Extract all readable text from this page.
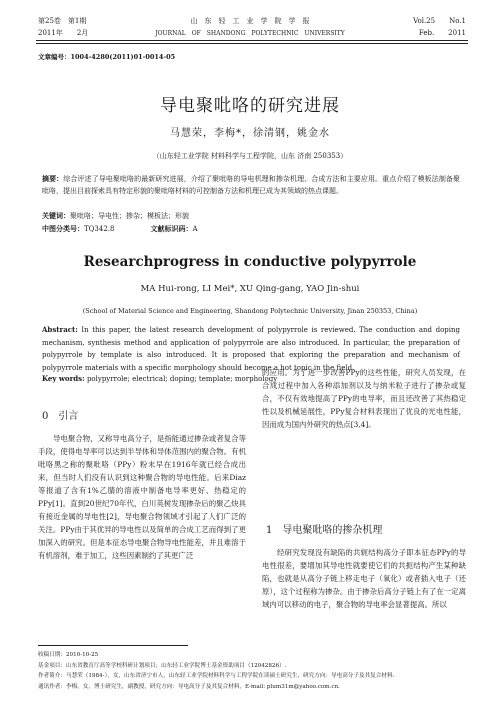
第25卷　第1期
2011年　　2月
山　东　轻　工　业　学　院　学　报
JOURNAL　OF　SHANDONG　POLYTECHNIC　UNIVERSITY
Vol.25　　No.1
Feb.　　2011
文章编号：1004-4280(2011)01-0014-05
导电聚吡咯的研究进展
马慧荣，李梅*，徐清钢，姚金水
（山东轻工业学院 材料科学与工程学院，山东 济南 250353）
摘要：综合评述了导电聚吡咯的最新研究进展，介绍了聚吡咯的导电机理和掺杂机理、合成方法和主要应用。重点介绍了模板法制备聚吡咯，提出目前探索具有特定形貌的聚吡咯材料的可控制备方法和机理已成为其领域的热点课题。
关键词：聚吡咯；导电性；掺杂；模板法；形貌
中图分类号：TQ342.8	文献标识码：A
Researchprogress in conductive polypyrrole
MA Hui-rong, LI Mei*, XU Qing-gang, YAO Jin-shui
(School of Material Science and Engineering, Shandong Polytechnic University, Jinan 250353, China)
Abstract: In this paper, the latest research development of polypyrrole is reviewed. The conduction and doping mechanism, synthesis method and application of polypyrrole are also introduced. In particular, the preparation of polypyrrole by template is also introduced. It is proposed that exploring the preparation and mechanism of polypyrrole materials with a specific morphology should become a hot topic in the field.
Key words: polypyrrole; electrical; doping; template; morphology
0　引言
导电聚合物，又称导电高分子，是指能通过掺杂或者复合等手段，使得电导率可以达到半导体和导体范围内的聚合物。有机吡咯黑之称的聚吡咯（PPy）粉末早在1916年就已经合成出来，但当时人们没有认识到这种聚合物的导电性能。后来Diaz等报道了含有1%乙腈的溶液中制备电导率更好、热稳定的PPy[1]。直到20世纪70年代，白川英树发现掺杂后的聚乙炔具有接近金属的导电性[2]，导电聚合物领域才引起了人们广泛的关注。PPy由于其优异的导电性以及简单的合成工艺而得到了更加深入的研究。但是本征态导电聚合物导电性能差，并且难溶于有机溶剂，难于加工，这些因素制约了其更广泛
的应用。为了进一步改善PPy的这些性能，研究人员发现，在合成过程中加入各种添加剂以及与纳米粒子进行了掺杂或复合，不仅有效地提高了PPy的电导率，而且还改善了其热稳定性以及机械延展性，PPy复合材料表现出了优良的光电性能，因而成为国内外研究的热点[3,4]。
1　导电聚吡咯的掺杂机理
经研究发现没有缺陷的共轭结构高分子即本征态PPy的导电性很差，要增加其导电性就要使它们的共扼结构产生某种缺陷，也就是从高分子链上移走电子（氧化）或者插入电子（还原），这个过程称为掺杂。由于掺杂后高分子链上有了在一定离域内可以移动的电子，聚合物的导电率会显著提高。所以
收稿日期：2010-10-25
基金项目：山东省教育厅高等学校科研计划项目；山东轻工业学院博士基金资助项目（12042826）.
作者简介：马慧荣（1984-），女，山东省济宁市人，山东轻工业学院材料科学与工程学院在读硕士研究生，研究方向：导电高分子及其复合材料.
通讯作者：李梅，女，博士研究生，副教授，研究方向：导电高分子及其复合材料，E-mail: plum31m@yahoo.com.cn.
